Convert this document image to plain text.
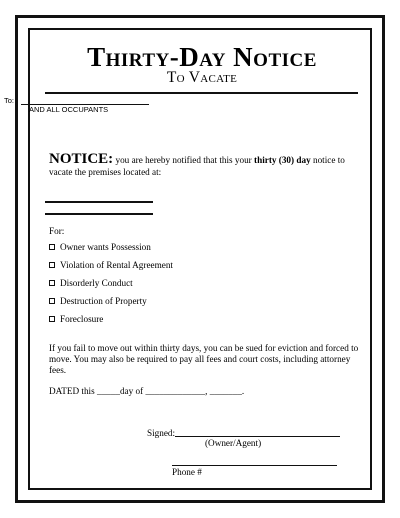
Thirty-Day Notice
To Vacate
NOTICE: you are hereby notified that this your thirty (30) day notice to vacate the premises located at:
For:
Owner wants Possession
Violation of Rental Agreement
Disorderly Conduct
Destruction of Property
Foreclosure
If you fail to move out within thirty days, you can be sued for eviction and forced to move. You may also be required to pay all fees and court costs, including attorney fees.
DATED this _____day of _____________, _______.
Signed:
(Owner/Agent)
Phone #
To:
AND ALL OCCUPANTS
